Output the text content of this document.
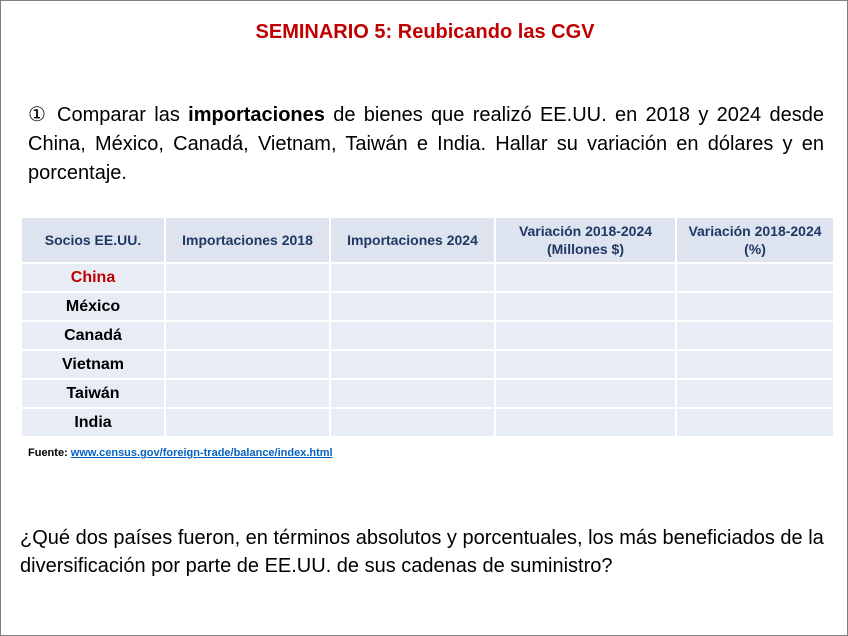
SEMINARIO 5: Reubicando las CGV
① Comparar las importaciones de bienes que realizó EE.UU. en 2018 y 2024 desde China, México, Canadá, Vietnam, Taiwán e India. Hallar su variación en dólares y en porcentaje.
Socios EE.UU.	Importaciones 2018	Importaciones 2024	Variación 2018-2024 (Millones $)	Variación 2018-2024 (%)
China				
México				
Canadá				
Vietnam				
Taiwán				
India				
Fuente: www.census.gov/foreign-trade/balance/index.html
¿Qué dos países fueron, en términos absolutos y porcentuales, los más beneficiados de la diversificación por parte de EE.UU. de sus cadenas de suministro?
